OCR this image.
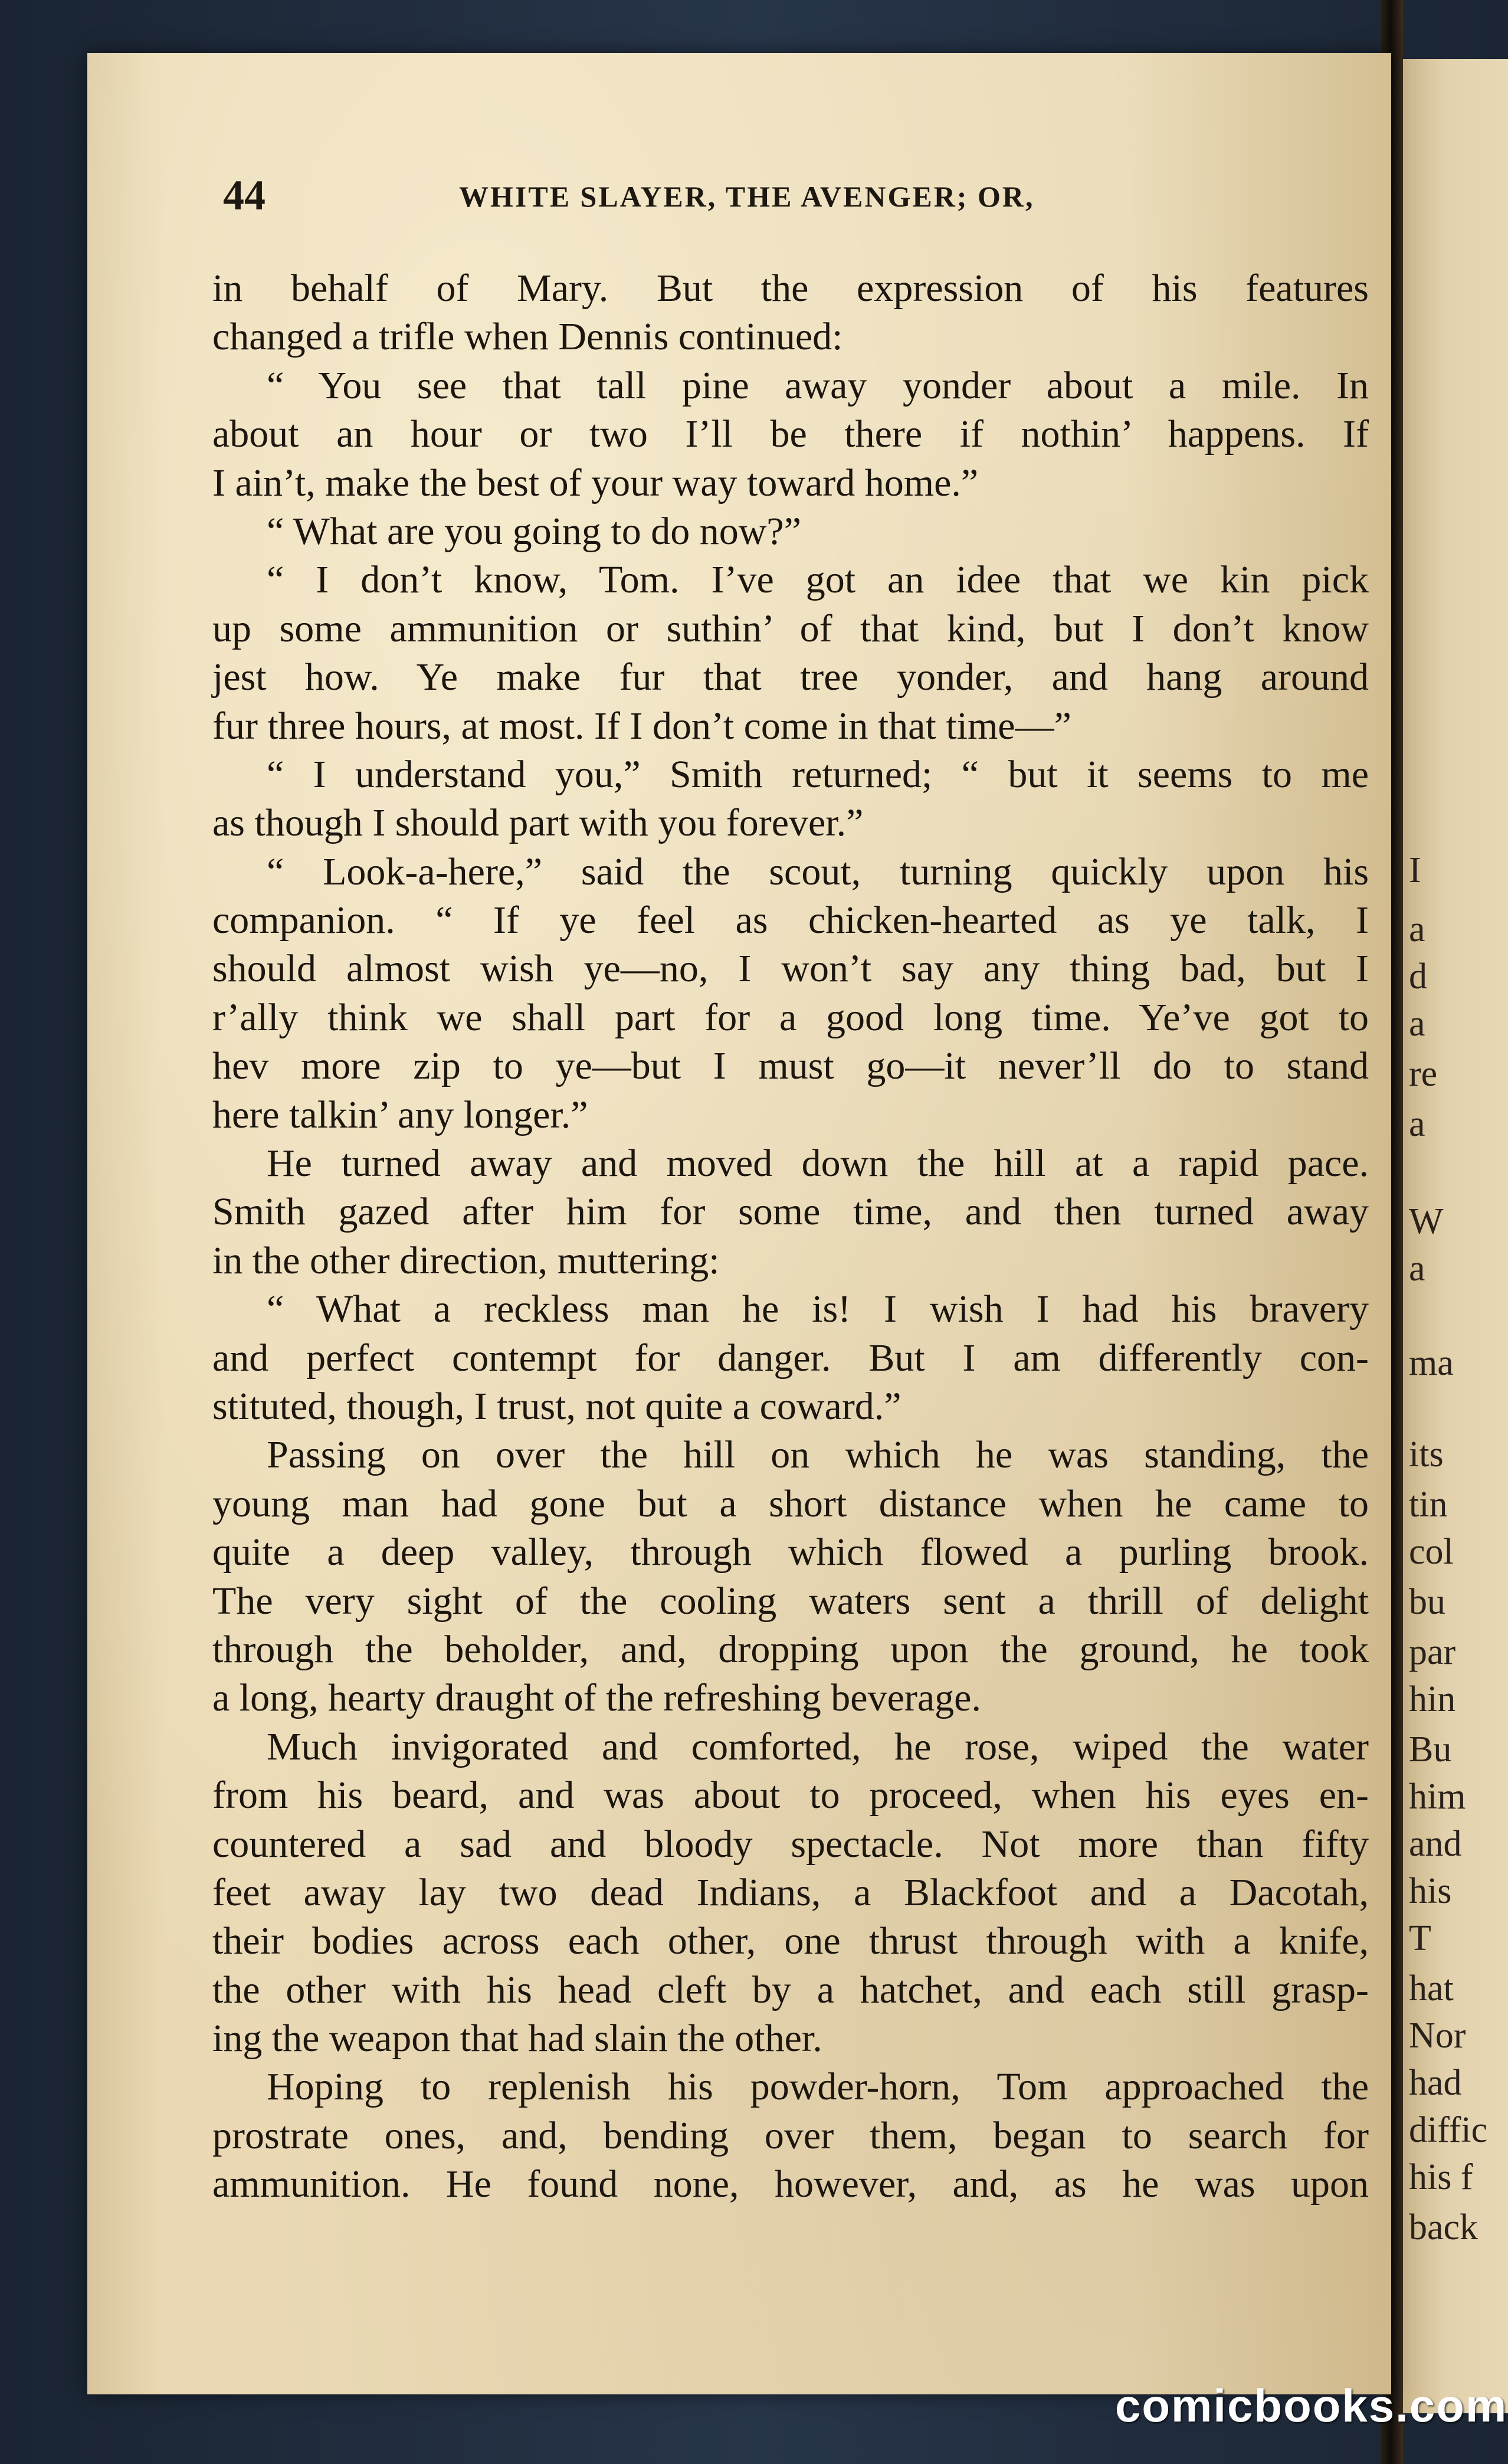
I
a
d
a
re
a
W
a
ma
its
tin
col
bu
par
hin
Bu
him
and
his
T
hat
Nor
had
diffic
his f
back
44	WHITE SLAYER, THE AVENGER; OR,
in behalf of Mary. But the expression of his features
changed a trifle when Dennis continued:
“ You see that tall pine away yonder about a mile. In
about an hour or two I’ll be there if nothin’ happens. If
I ain’t, make the best of your way toward home.”
“ What are you going to do now?”
“ I don’t know, Tom. I’ve got an idee that we kin pick
up some ammunition or suthin’ of that kind, but I don’t know
jest how. Ye make fur that tree yonder, and hang around
fur three hours, at most. If I don’t come in that time—”
“ I understand you,” Smith returned; “ but it seems to me
as though I should part with you forever.”
“ Look-a-here,” said the scout, turning quickly upon his
companion. “ If ye feel as chicken-hearted as ye talk, I
should almost wish ye—no, I won’t say any thing bad, but I
r’ally think we shall part for a good long time. Ye’ve got to
hev more zip to ye—but I must go—it never’ll do to stand
here talkin’ any longer.”
He turned away and moved down the hill at a rapid pace.
Smith gazed after him for some time, and then turned away
in the other direction, muttering:
“ What a reckless man he is! I wish I had his bravery
and perfect contempt for danger. But I am differently con-
stituted, though, I trust, not quite a coward.”
Passing on over the hill on which he was standing, the
young man had gone but a short distance when he came to
quite a deep valley, through which flowed a purling brook.
The very sight of the cooling waters sent a thrill of delight
through the beholder, and, dropping upon the ground, he took
a long, hearty draught of the refreshing beverage.
Much invigorated and comforted, he rose, wiped the water
from his beard, and was about to proceed, when his eyes en-
countered a sad and bloody spectacle. Not more than fifty
feet away lay two dead Indians, a Blackfoot and a Dacotah,
their bodies across each other, one thrust through with a knife,
the other with his head cleft by a hatchet, and each still grasp-
ing the weapon that had slain the other.
Hoping to replenish his powder-horn, Tom approached the
prostrate ones, and, bending over them, began to search for
ammunition. He found none, however, and, as he was upon
comicbooks.com
